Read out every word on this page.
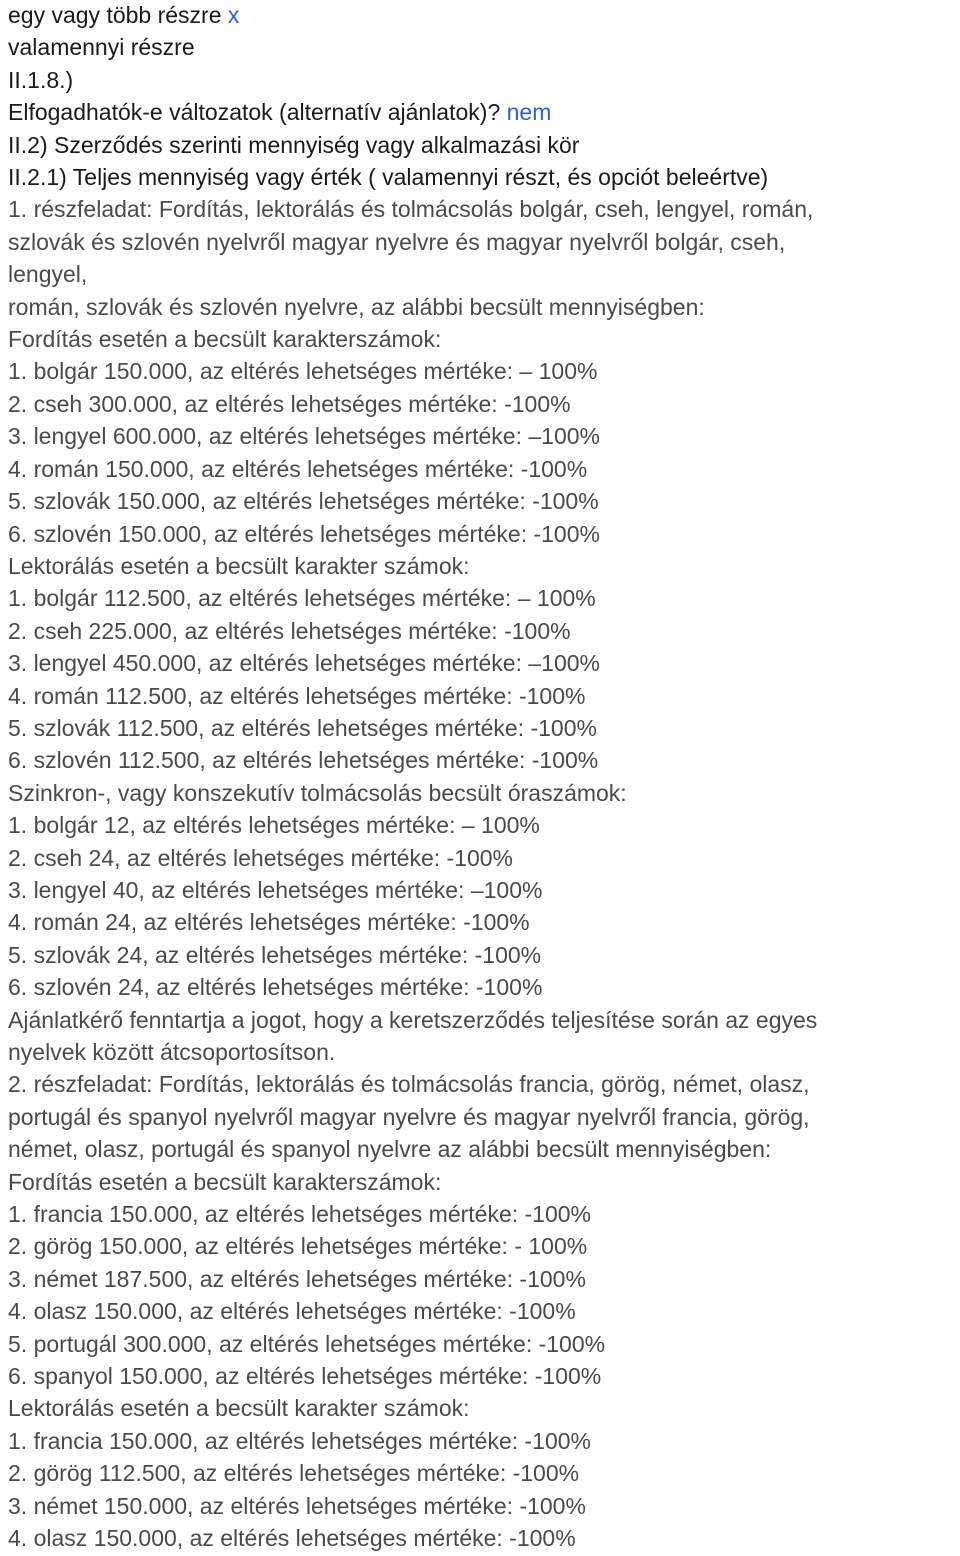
egy vagy több részre x

valamennyi részre

II.1.8.)

Elfogadhatók-e változatok (alternatív ajánlatok)? nem

II.2) Szerződés szerinti mennyiség vagy alkalmazási kör

II.2.1) Teljes mennyiség vagy érték ( valamennyi részt, és opciót beleértve)

1. részfeladat: Fordítás, lektorálás és tolmácsolás bolgár, cseh, lengyel, román,

szlovák és szlovén nyelvről magyar nyelvre és magyar nyelvről bolgár, cseh,

lengyel,

román, szlovák és szlovén nyelvre, az alábbi becsült mennyiségben:

Fordítás esetén a becsült karakterszámok:

1. bolgár 150.000, az eltérés lehetséges mértéke: – 100%

2. cseh 300.000, az eltérés lehetséges mértéke: -100%

3. lengyel 600.000, az eltérés lehetséges mértéke: –100%

4. román 150.000, az eltérés lehetséges mértéke: -100%

5. szlovák 150.000, az eltérés lehetséges mértéke: -100%

6. szlovén 150.000, az eltérés lehetséges mértéke: -100%

Lektorálás esetén a becsült karakter számok:

1. bolgár 112.500, az eltérés lehetséges mértéke: – 100%

2. cseh 225.000, az eltérés lehetséges mértéke: -100%

3. lengyel 450.000, az eltérés lehetséges mértéke: –100%

4. román 112.500, az eltérés lehetséges mértéke: -100%

5. szlovák 112.500, az eltérés lehetséges mértéke: -100%

6. szlovén 112.500, az eltérés lehetséges mértéke: -100%

Szinkron-, vagy konszekutív tolmácsolás becsült óraszámok:

1. bolgár 12, az eltérés lehetséges mértéke: – 100%

2. cseh 24, az eltérés lehetséges mértéke: -100%

3. lengyel 40, az eltérés lehetséges mértéke: –100%

4. román 24, az eltérés lehetséges mértéke: -100%

5. szlovák 24, az eltérés lehetséges mértéke: -100%

6. szlovén 24, az eltérés lehetséges mértéke: -100%

Ajánlatkérő fenntartja a jogot, hogy a keretszerződés teljesítése során az egyes

nyelvek között átcsoportosítson.

2. részfeladat: Fordítás, lektorálás és tolmácsolás francia, görög, német, olasz,

portugál és spanyol nyelvről magyar nyelvre és magyar nyelvről francia, görög,

német, olasz, portugál és spanyol nyelvre az alábbi becsült mennyiségben:

Fordítás esetén a becsült karakterszámok:

1. francia 150.000, az eltérés lehetséges mértéke: -100%

2. görög 150.000, az eltérés lehetséges mértéke: - 100%

3. német 187.500, az eltérés lehetséges mértéke: -100%

4. olasz 150.000, az eltérés lehetséges mértéke: -100%

5. portugál 300.000, az eltérés lehetséges mértéke: -100%

6. spanyol 150.000, az eltérés lehetséges mértéke: -100%

Lektorálás esetén a becsült karakter számok:

1. francia 150.000, az eltérés lehetséges mértéke: -100%

2. görög 112.500, az eltérés lehetséges mértéke: -100%

3. német 150.000, az eltérés lehetséges mértéke: -100%

4. olasz 150.000, az eltérés lehetséges mértéke: -100%
